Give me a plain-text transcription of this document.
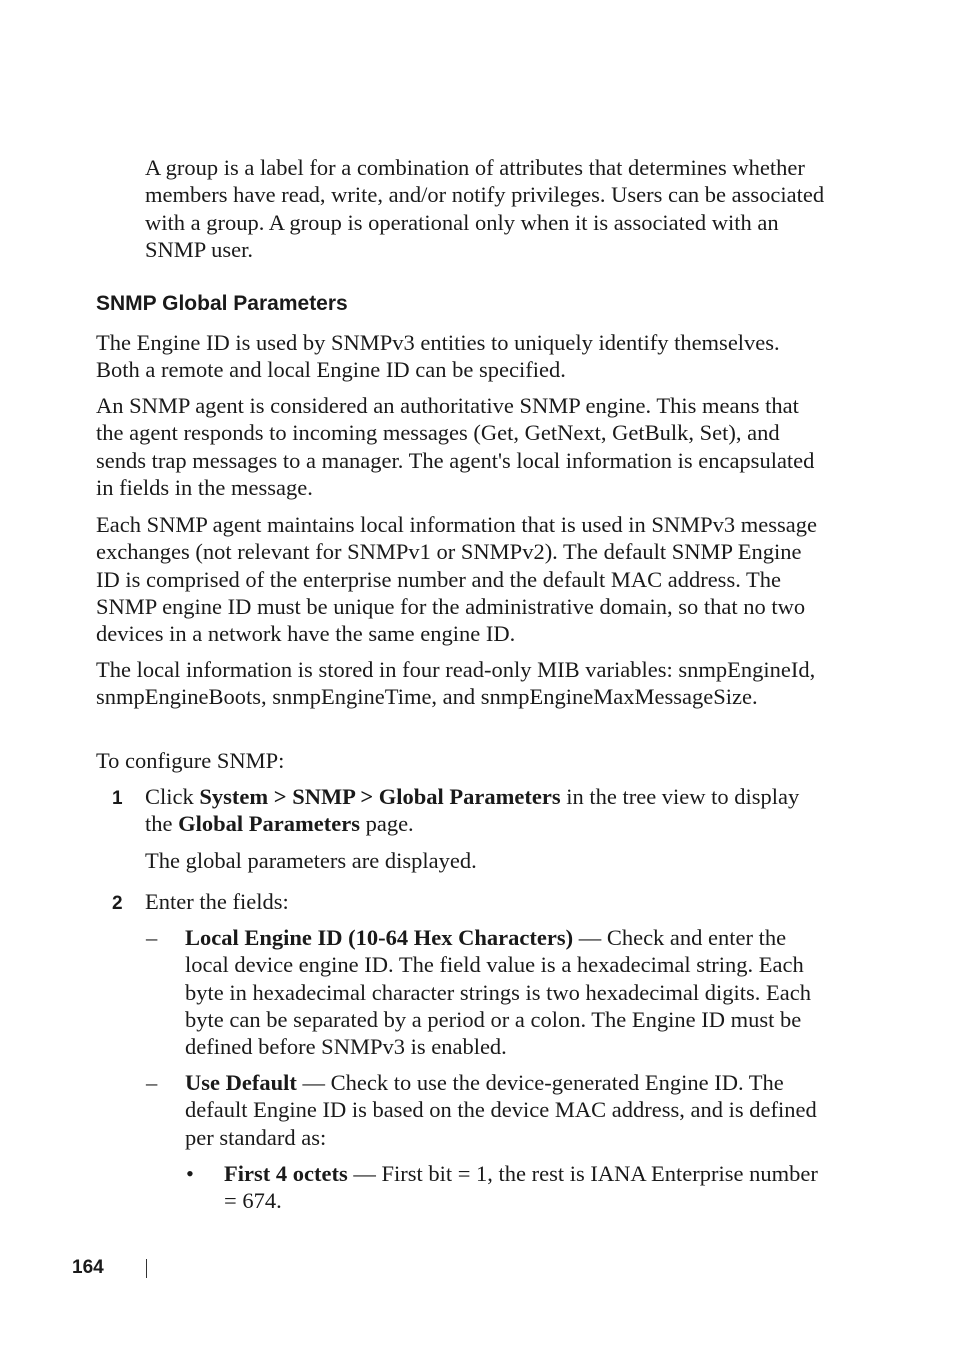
A group is a label for a combination of attributes that determines whether members have read, write, and/or notify privileges. Users can be associated with a group. A group is operational only when it is associated with an SNMP user.

SNMP Global Parameters

The Engine ID is used by SNMPv3 entities to uniquely identify themselves. Both a remote and local Engine ID can be specified.

An SNMP agent is considered an authoritative SNMP engine. This means that the agent responds to incoming messages (Get, GetNext, GetBulk, Set), and sends trap messages to a manager. The agent's local information is encapsulated in fields in the message.

Each SNMP agent maintains local information that is used in SNMPv3 message exchanges (not relevant for SNMPv1 or SNMPv2). The default SNMP Engine ID is comprised of the enterprise number and the default MAC address. The SNMP engine ID must be unique for the administrative domain, so that no two devices in a network have the same engine ID.

The local information is stored in four read-only MIB variables: snmpEngineId, snmpEngineBoots, snmpEngineTime, and snmpEngineMaxMessageSize.

To configure SNMP:

1 Click System > SNMP > Global Parameters in the tree view to display the Global Parameters page.

The global parameters are displayed.

2 Enter the fields:

– Local Engine ID (10-64 Hex Characters) — Check and enter the local device engine ID. The field value is a hexadecimal string. Each byte in hexadecimal character strings is two hexadecimal digits. Each byte can be separated by a period or a colon. The Engine ID must be defined before SNMPv3 is enabled.

– Use Default — Check to use the device-generated Engine ID. The default Engine ID is based on the device MAC address, and is defined per standard as:

• First 4 octets — First bit = 1, the rest is IANA Enterprise number = 674.

164
